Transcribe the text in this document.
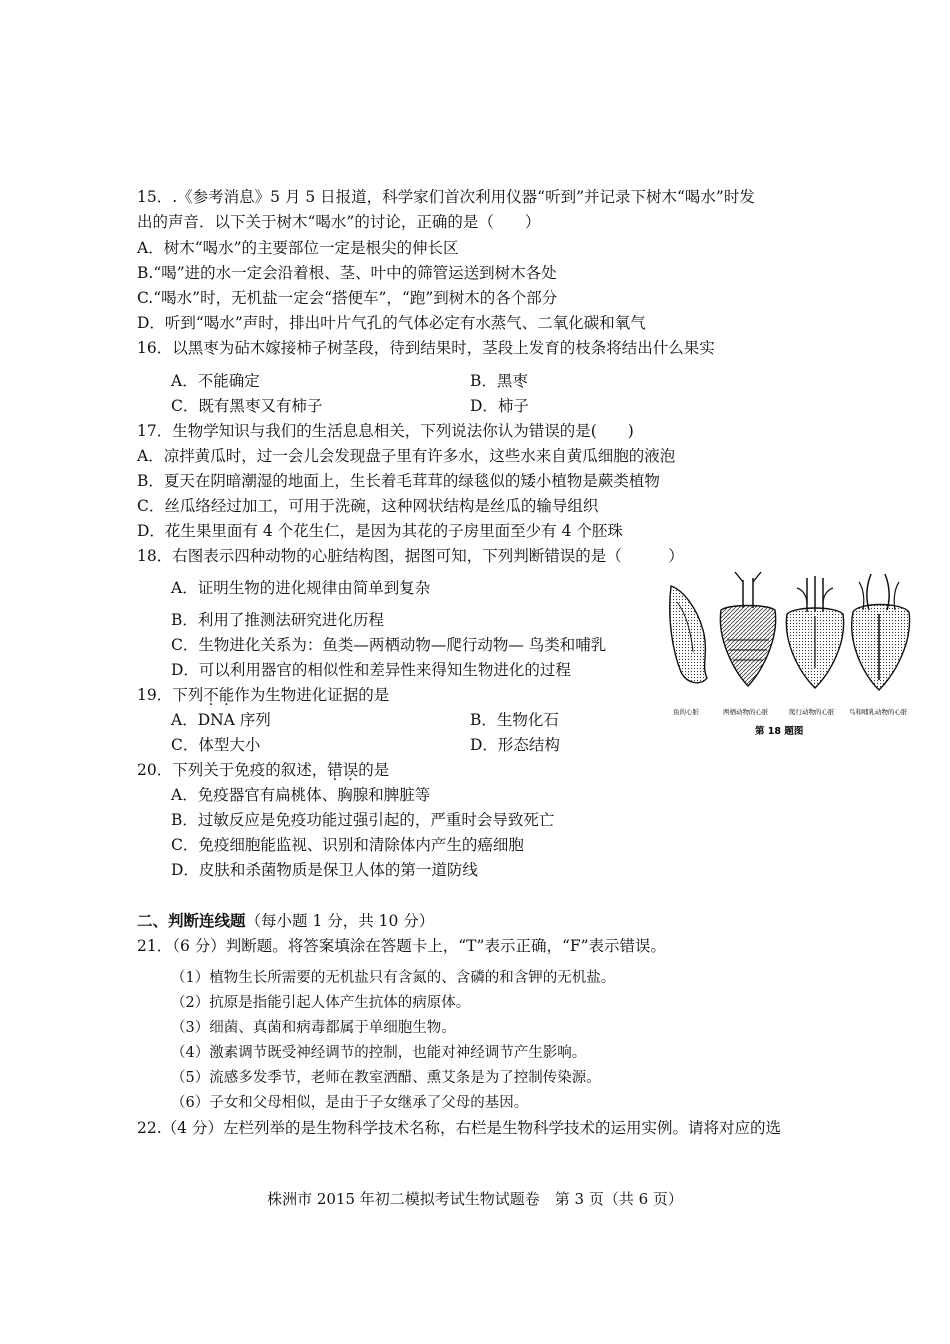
15．.《参考消息》5 月 5 日报道，科学家们首次利用仪器“听到”并记录下树木“喝水”时发
出的声音．以下关于树木“喝水”的讨论，正确的是（　　）
A．树木“喝水”的主要部位一定是根尖的伸长区
B.“喝”进的水一定会沿着根、茎、叶中的筛管运送到树木各处
C.“喝水”时，无机盐一定会“搭便车”，“跑”到树木的各个部分
D．听到“喝水”声时，排出叶片气孔的气体必定有水蒸气、二氧化碳和氧气
16．以黑枣为砧木嫁接柿子树茎段，待到结果时，茎段上发育的枝条将结出什么果实
A．不能确定	B．黑枣
C．既有黑枣又有柿子	D．柿子
17．生物学知识与我们的生活息息相关，下列说法你认为错误的是(　　)
A．凉拌黄瓜时，过一会儿会发现盘子里有许多水，这些水来自黄瓜细胞的液泡
B．夏天在阴暗潮湿的地面上，生长着毛茸茸的绿毯似的矮小植物是蕨类植物
C．丝瓜络经过加工，可用于洗碗，这种网状结构是丝瓜的输导组织
D．花生果里面有 4 个花生仁，是因为其花的子房里面至少有 4 个胚珠
18．右图表示四种动物的心脏结构图，据图可知，下列判断错误的是（　　　）
A．证明生物的进化规律由简单到复杂
B．利用了推测法研究进化历程
C．生物进化关系为：鱼类—两栖动物—爬行动物— 鸟类和哺乳
D．可以利用器官的相似性和差异性来得知生物进化的过程
鱼的心脏	两栖动物的心脏	爬行动物的心脏 鸟和哺乳动物的心脏
第 18 题图
19．下列不能作为生物进化证据的是
A．DNA 序列	B．生物化石
C．体型大小	D．形态结构
20．下列关于免疫的叙述，错误的是
A．免疫器官有扁桃体、胸腺和脾脏等
B．过敏反应是免疫功能过强引起的，严重时会导致死亡
C．免疫细胞能监视、识别和清除体内产生的癌细胞
D．皮肤和杀菌物质是保卫人体的第一道防线
二、判断连线题（每小题 1 分，共 10 分）
21．（6 分）判断题。将答案填涂在答题卡上，“T”表示正确，“F”表示错误。
（1）植物生长所需要的无机盐只有含氮的、含磷的和含钾的无机盐。
（2）抗原是指能引起人体产生抗体的病原体。
（3）细菌、真菌和病毒都属于单细胞生物。
（4）激素调节既受神经调节的控制，也能对神经调节产生影响。
（5）流感多发季节，老师在教室洒醋、熏艾条是为了控制传染源。
（6）子女和父母相似，是由于子女继承了父母的基因。
22.（4 分）左栏列举的是生物科学技术名称，右栏是生物科学技术的运用实例。请将对应的选
株洲市 2015 年初二模拟考试生物试题卷　第 3 页（共 6 页）
